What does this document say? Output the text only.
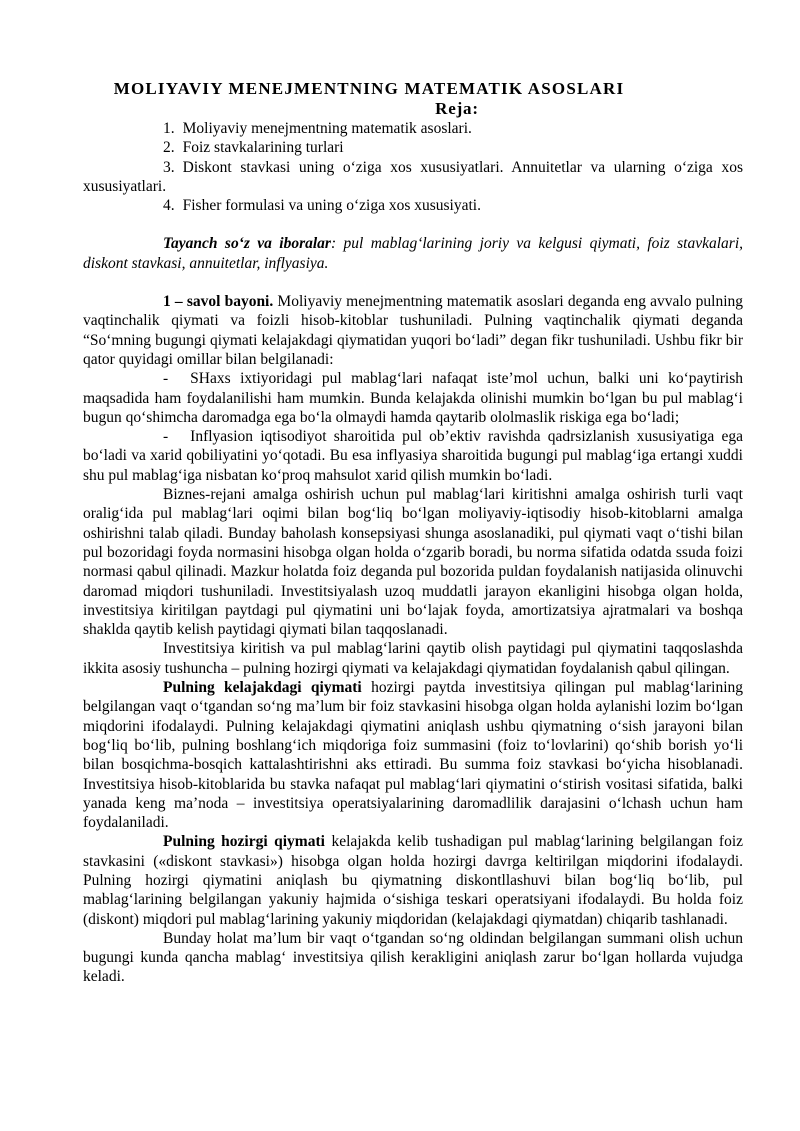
MOLIYAVIY MENEJMENTNING MATEMATIK ASOSLARI
Reja:

1. Moliyaviy menejmentning matematik asoslari.

2. Foiz stavkalarining turlari

3. Diskont stavkasi uning o‘ziga xos xususiyatlari. Annuitetlar va ularning o‘ziga xos xususiyatlari.

4. Fisher formulasi va uning o‘ziga xos xususiyati.

Tayanch so‘z va iboralar: pul mablag‘larining joriy va kelgusi qiymati, foiz stavkalari, diskont stavkasi, annuitetlar, inflyasiya.

1 – savol bayoni. Moliyaviy menejmentning matematik asoslari deganda eng avvalo pulning vaqtinchalik qiymati va foizli hisob-kitoblar tushuniladi. Pulning vaqtinchalik qiymati deganda “So‘mning bugungi qiymati kelajakdagi qiymatidan yuqori bo‘ladi” degan fikr tushuniladi. Ushbu fikr bir qator quyidagi omillar bilan belgilanadi:

- SHaxs ixtiyoridagi pul mablag‘lari nafaqat iste’mol uchun, balki uni ko‘paytirish maqsadida ham foydalanilishi ham mumkin. Bunda kelajakda olinishi mumkin bo‘lgan bu pul mablag‘i bugun qo‘shimcha daromadga ega bo‘la olmaydi hamda qaytarib ololmaslik riskiga ega bo‘ladi;

- Inflyasion iqtisodiyot sharoitida pul ob’ektiv ravishda qadrsizlanish xususiyatiga ega bo‘ladi va xarid qobiliyatini yo‘qotadi. Bu esa inflyasiya sharoitida bugungi pul mablag‘iga ertangi xuddi shu pul mablag‘iga nisbatan ko‘proq mahsulot xarid qilish mumkin bo‘ladi.

Biznes-rejani amalga oshirish uchun pul mablag‘lari kiritishni amalga oshirish turli vaqt oralig‘ida pul mablag‘lari oqimi bilan bog‘liq bo‘lgan moliyaviy-iqtisodiy hisob-kitoblarni amalga oshirishni talab qiladi. Bunday baholash konsepsiyasi shunga asoslanadiki, pul qiymati vaqt o‘tishi bilan pul bozoridagi foyda normasini hisobga olgan holda o‘zgarib boradi, bu norma sifatida odatda ssuda foizi normasi qabul qilinadi. Mazkur holatda foiz deganda pul bozorida puldan foydalanish natijasida olinuvchi daromad miqdori tushuniladi. Investitsiyalash uzoq muddatli jarayon ekanligini hisobga olgan holda, investitsiya kiritilgan paytdagi pul qiymatini uni bo‘lajak foyda, amortizatsiya ajratmalari va boshqa shaklda qaytib kelish paytidagi qiymati bilan taqqoslanadi.

Investitsiya kiritish va pul mablag‘larini qaytib olish paytidagi pul qiymatini taqqoslashda ikkita asosiy tushuncha – pulning hozirgi qiymati va kelajakdagi qiymatidan foydalanish qabul qilingan.

Pulning kelajakdagi qiymati hozirgi paytda investitsiya qilingan pul mablag‘larining belgilangan vaqt o‘tgandan so‘ng ma’lum bir foiz stavkasini hisobga olgan holda aylanishi lozim bo‘lgan miqdorini ifodalaydi. Pulning kelajakdagi qiymatini aniqlash ushbu qiymatning o‘sish jarayoni bilan bog‘liq bo‘lib, pulning boshlang‘ich miqdoriga foiz summasini (foiz to‘lovlarini) qo‘shib borish yo‘li bilan bosqichma-bosqich kattalashtirishni aks ettiradi. Bu summa foiz stavkasi bo‘yicha hisoblanadi. Investitsiya hisob-kitoblarida bu stavka nafaqat pul mablag‘lari qiymatini o‘stirish vositasi sifatida, balki yanada keng ma’noda – investitsiya operatsiyalarining daromadlilik darajasini o‘lchash uchun ham foydalaniladi.

Pulning hozirgi qiymati kelajakda kelib tushadigan pul mablag‘larining belgilangan foiz stavkasini («diskont stavkasi») hisobga olgan holda hozirgi davrga keltirilgan miqdorini ifodalaydi. Pulning hozirgi qiymatini aniqlash bu qiymatning diskontllashuvi bilan bog‘liq bo‘lib, pul mablag‘larining belgilangan yakuniy hajmida o‘sishiga teskari operatsiyani ifodalaydi. Bu holda foiz (diskont) miqdori pul mablag‘larining yakuniy miqdoridan (kelajakdagi qiymatdan) chiqarib tashlanadi.

Bunday holat ma’lum bir vaqt o‘tgandan so‘ng oldindan belgilangan summani olish uchun bugungi kunda qancha mablag‘ investitsiya qilish kerakligini aniqlash zarur bo‘lgan hollarda vujudga keladi.
